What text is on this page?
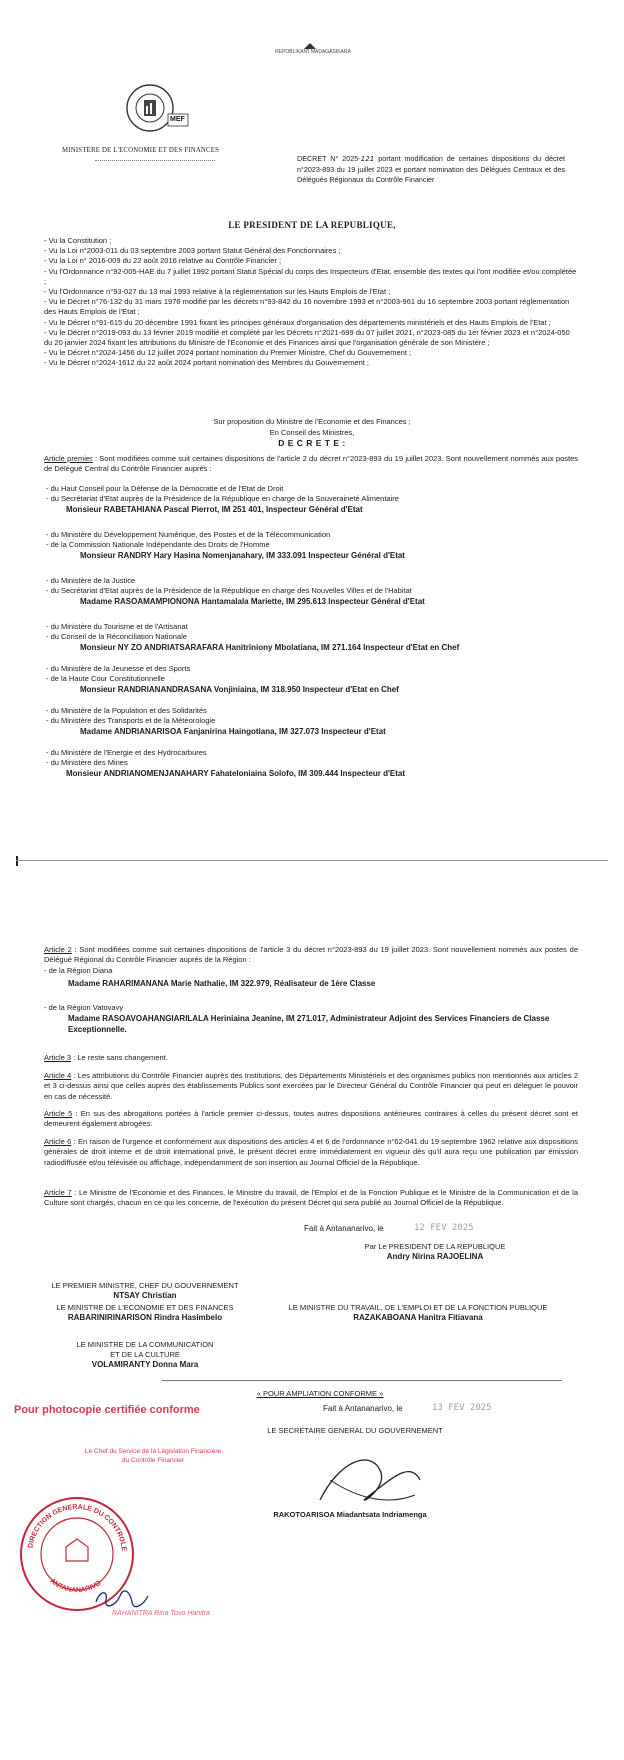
REPOBLIKAN'I MADAGASIKARA
MEF
MINISTERE DE L'ECONOMIE ET DES FINANCES
DECRET N° 2025-121 portant modification de certaines dispositions du décret n°2023-893 du 19 juillet 2023 et portant nomination des Délégués Centraux et des Délégués Régionaux du Contrôle Financier
LE PRESIDENT DE LA REPUBLIQUE,

- Vu la Constitution ;

- Vu la Loi n°2003-011 du 03 septembre 2003 portant Statut Général des Fonctionnaires ;

- Vu la Loi n° 2016-009 du 22 août 2016 relative au Contrôle Financier ;

- Vu l'Ordonnance n°92-005-HAE du 7 juillet 1992 portant Statut Spécial du corps des Inspecteurs d'Etat, ensemble des textes qui l'ont modifiée et/ou complétée ;

- Vu l'Ordonnance n°93-027 du 13 mai 1993 relative à la réglementation sur les Hauts Emplois de l'Etat ;

- Vu le Décret n°76-132 du 31 mars 1976 modifié par les décrets n°93-842 du 16 novembre 1993 et n°2003-961 du 16 septembre 2003 portant réglementation des Hauts Emplois de l'Etat ;

- Vu le Décret n°91-615 du 20 décembre 1991 fixant les principes généraux d'organisation des départements ministériels et des Hauts Emplois de l'Etat ;

- Vu le Décret n°2019-093 du 13 février 2019 modifié et complété par les Décrets n°2021-699 du 07 juillet 2021, n°2023-085 du 1er février 2023 et n°2024-050 du 20 janvier 2024 fixant les attributions du Ministre de l'Economie et des Finances ainsi que l'organisation générale de son Ministère ;

- Vu le Décret n°2024-1456 du 12 juillet 2024 portant nomination du Premier Ministre, Chef du Gouvernement ;

- Vu le Décret n°2024-1612 du 22 août 2024 portant nomination des Membres du Gouvernement ;

Sur proposition du Ministre de l'Economie et des Finances ;
En Conseil des Ministres,
D E C R E T E :

Article premier : Sont modifiées comme suit certaines dispositions de l'article 2 du décret n°2023-893 du 19 juillet 2023. Sont nouvellement nommés aux postes de Délégué Central du Contrôle Financier auprès :

- du Haut Conseil pour la Défense de la Démocratie et de l'Etat de Droit
- du Secrétariat d'Etat auprès de la Présidence de la République en charge de la Souveraineté Alimentaire
Monsieur RABETAHIANA Pascal Pierrot, IM 251 401, Inspecteur Général d'Etat
- du Ministère du Développement Numérique, des Postes et de la Télécommunication
- de la Commission Nationale Indépendante des Droits de l'Homme
Monsieur RANDRY Hary Hasina Nomenjanahary, IM 333.091 Inspecteur Général d'Etat
- du Ministère de la Justice
- du Secrétariat d'Etat auprès de la Présidence de la République en charge des Nouvelles Villes et de l'Habitat
Madame RASOAMAMPIONONA Hantamalala Mariette, IM 295.613 Inspecteur Général d'Etat
- du Ministère du Tourisme et de l'Artisanat
- du Conseil de la Réconciliation Nationale
Monsieur NY ZO ANDRIATSARAFARA Hanitriniony Mbolatiana, IM 271.164 Inspecteur d'Etat en Chef
- du Ministère de la Jeunesse et des Sports
- de la Haute Cour Constitutionnelle
Monsieur RANDRIANANDRASANA Vonjiniaina, IM 318.950 Inspecteur d'Etat en Chef
- du Ministère de la Population et des Solidarités
- du Ministère des Transports et de la Météorologie
Madame ANDRIANARISOA Fanjanirina Haingotiana, IM 327.073 Inspecteur d'Etat
- du Ministère de l'Energie et des Hydrocarbures
- du Ministère des Mines
Monsieur ANDRIANOMENJANAHARY Fahateloniaina Solofo, IM 309.444 Inspecteur d'Etat

Article 2 : Sont modifiées comme suit certaines dispositions de l'article 3 du décret n°2023-893 du 19 juillet 2023. Sont nouvellement nommés aux postes de Délégué Régional du Contrôle Financier auprès de la Région :

- de la Région Diana
Madame RAHARIMANANA Marie Nathalie, IM 322.979, Réalisateur de 1ère Classe
- de la Région Vatovavy
Madame RASOAVOAHANGIARILALA Heriniaina Jeanine, IM 271.017, Administrateur Adjoint des Services Financiers de Classe Exceptionnelle.

Article 3 : Le reste sans changement.

Article 4 : Les attributions du Contrôle Financier auprès des Institutions, des Départements Ministériels et des organismes publics non mentionnés aux articles 2 et 3 ci-dessus ainsi que celles auprès des établissements Publics sont exercées par le Directeur Général du Contrôle Financier qui peut en déléguer le pouvoir en cas de nécessité.

Article 5 : En sus des abrogations portées à l'article premier ci-dessus, toutes autres dispositions antérieures contraires à celles du présent décret sont et demeurent également abrogées.

Article 6 : En raison de l'urgence et conformément aux dispositions des articles 4 et 6 de l'ordonnance n°62-041 du 19 septembre 1962 relative aux dispositions générales de droit interne et de droit international privé, le présent décret entre immédiatement en vigueur dès qu'il aura reçu une publication par émission radiodiffusée et/ou télévisée ou affichage, indépendamment de son insertion au Journal Officiel de la République.

Article 7 : Le Ministre de l'Economie et des Finances, le Ministre du travail, de l'Emploi et de la Fonction Publique et le Ministre de la Communication et de la Culture sont chargés, chacun en ce qui les concerne, de l'exécution du présent Décret qui sera publié au Journal Officiel de la République.

Fait à Antananarivo, le	12 FEV 2025
Par Le PRESIDENT DE LA REPUBLIQUE
Andry Nirina RAJOELINA
LE PREMIER MINISTRE, CHEF DU GOUVERNEMENT
NTSAY Christian
LE MINISTRE DE L'ECONOMIE ET DES FINANCES
RABARINIRINARISON Rindra Hasimbelo
LE MINISTRE DU TRAVAIL, DE L'EMPLOI ET DE LA FONCTION PUBLIQUE
RAZAKABOANA Hanitra Fitiavana
LE MINISTRE DE LA COMMUNICATION
ET DE LA CULTURE
VOLAMIRANTY Donna Mara
« POUR AMPLIATION CONFORME »
Fait à Antananarivo, le	13 FEV 2025
LE SECRETAIRE GENERAL DU GOUVERNEMENT
Pour photocopie certifiée conforme
Le Chef du Service de la Législation Financière
du Contrôle Financier
RAKOTOARISOA Miadantsata Indriamenga
DIRECTION GENERALE DU CONTROLE
ANTANANARIVO
RAHANITRA Rina Tovo Hanitra
